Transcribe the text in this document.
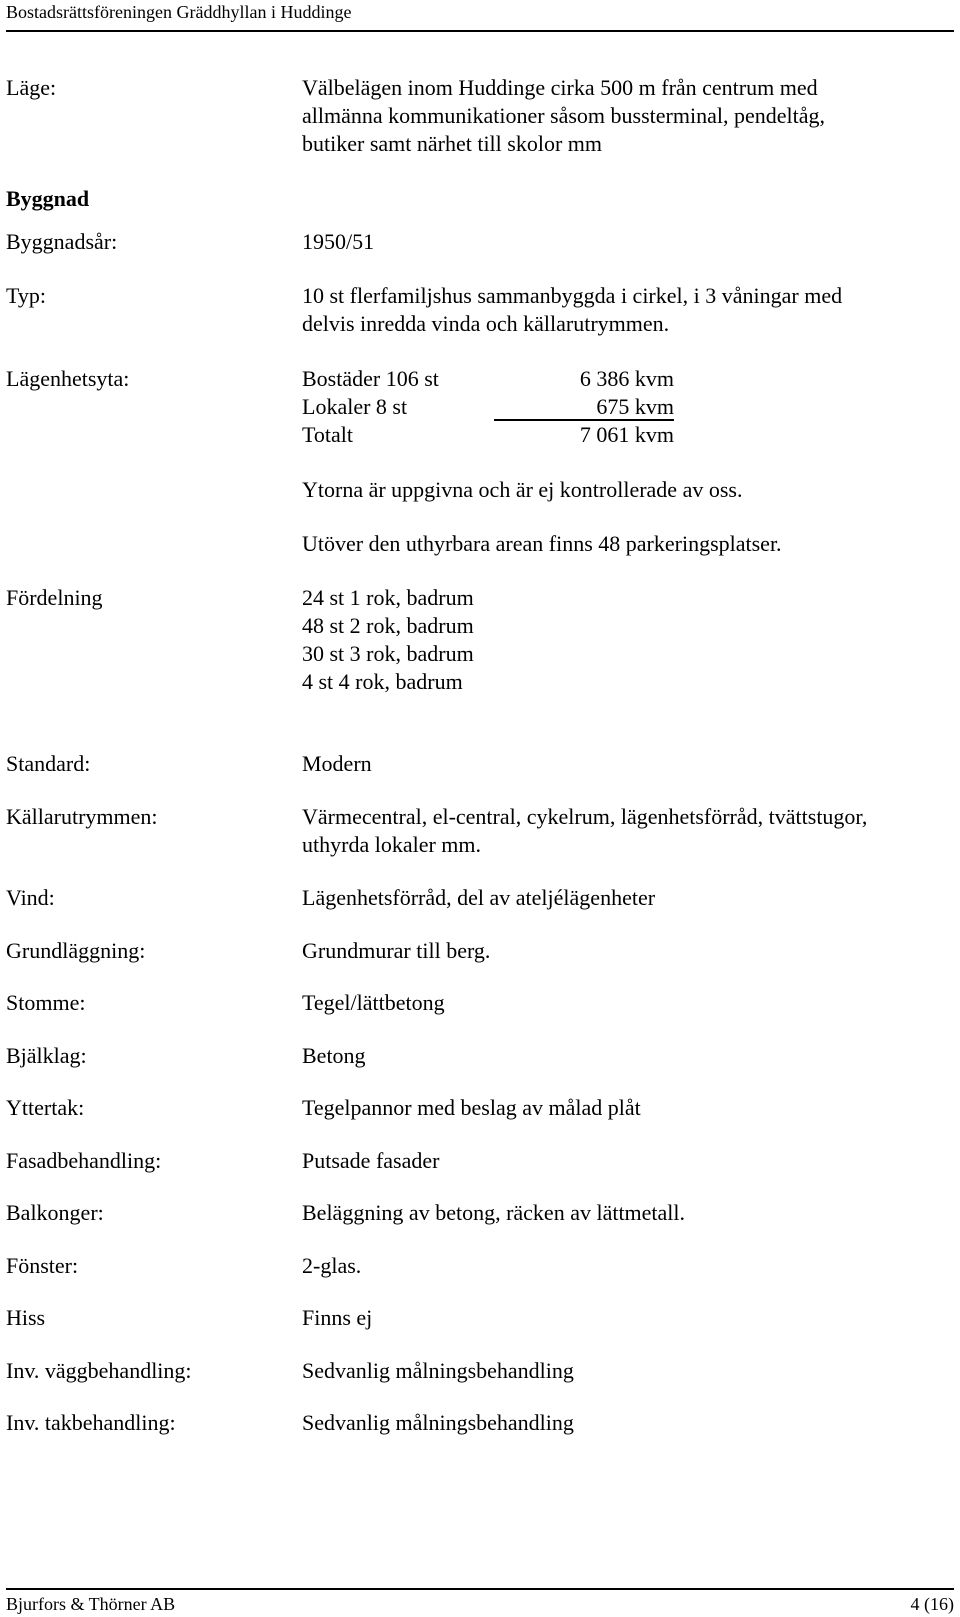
Bostadsrättsföreningen Gräddhyllan i Huddinge
Läge:	Välbelägen inom Huddinge cirka 500 m från centrum med
allmänna kommunikationer såsom bussterminal, pendeltåg,
butiker samt närhet till skolor mm
Byggnad
Byggnadsår:	1950/51
Typ:	10 st flerfamiljshus sammanbyggda i cirkel, i 3 våningar med
delvis inredda vinda och källarutrymmen.
Lägenhetsyta:	Bostäder 106 st	6 386 kvm
Lokaler 8 st	675 kvm
Totalt	7 061 kvm
Ytorna är uppgivna och är ej kontrollerade av oss.
Utöver den uthyrbara arean finns 48 parkeringsplatser.
Fördelning	24 st 1 rok, badrum
48 st 2 rok, badrum
30 st 3 rok, badrum
4 st 4 rok, badrum
Standard:	Modern
Källarutrymmen:	Värmecentral, el-central, cykelrum, lägenhetsförråd, tvättstugor,
uthyrda lokaler mm.
Vind:	Lägenhetsförråd, del av ateljélägenheter
Grundläggning:	Grundmurar till berg.
Stomme:	Tegel/lättbetong
Bjälklag:	Betong
Yttertak:	Tegelpannor med beslag av målad plåt
Fasadbehandling:	Putsade fasader
Balkonger:	Beläggning av betong, räcken av lättmetall.
Fönster:	2-glas.
Hiss	Finns ej
Inv. väggbehandling:	Sedvanlig målningsbehandling
Inv. takbehandling:	Sedvanlig målningsbehandling
Bjurfors & Thörner AB	4 (16)
